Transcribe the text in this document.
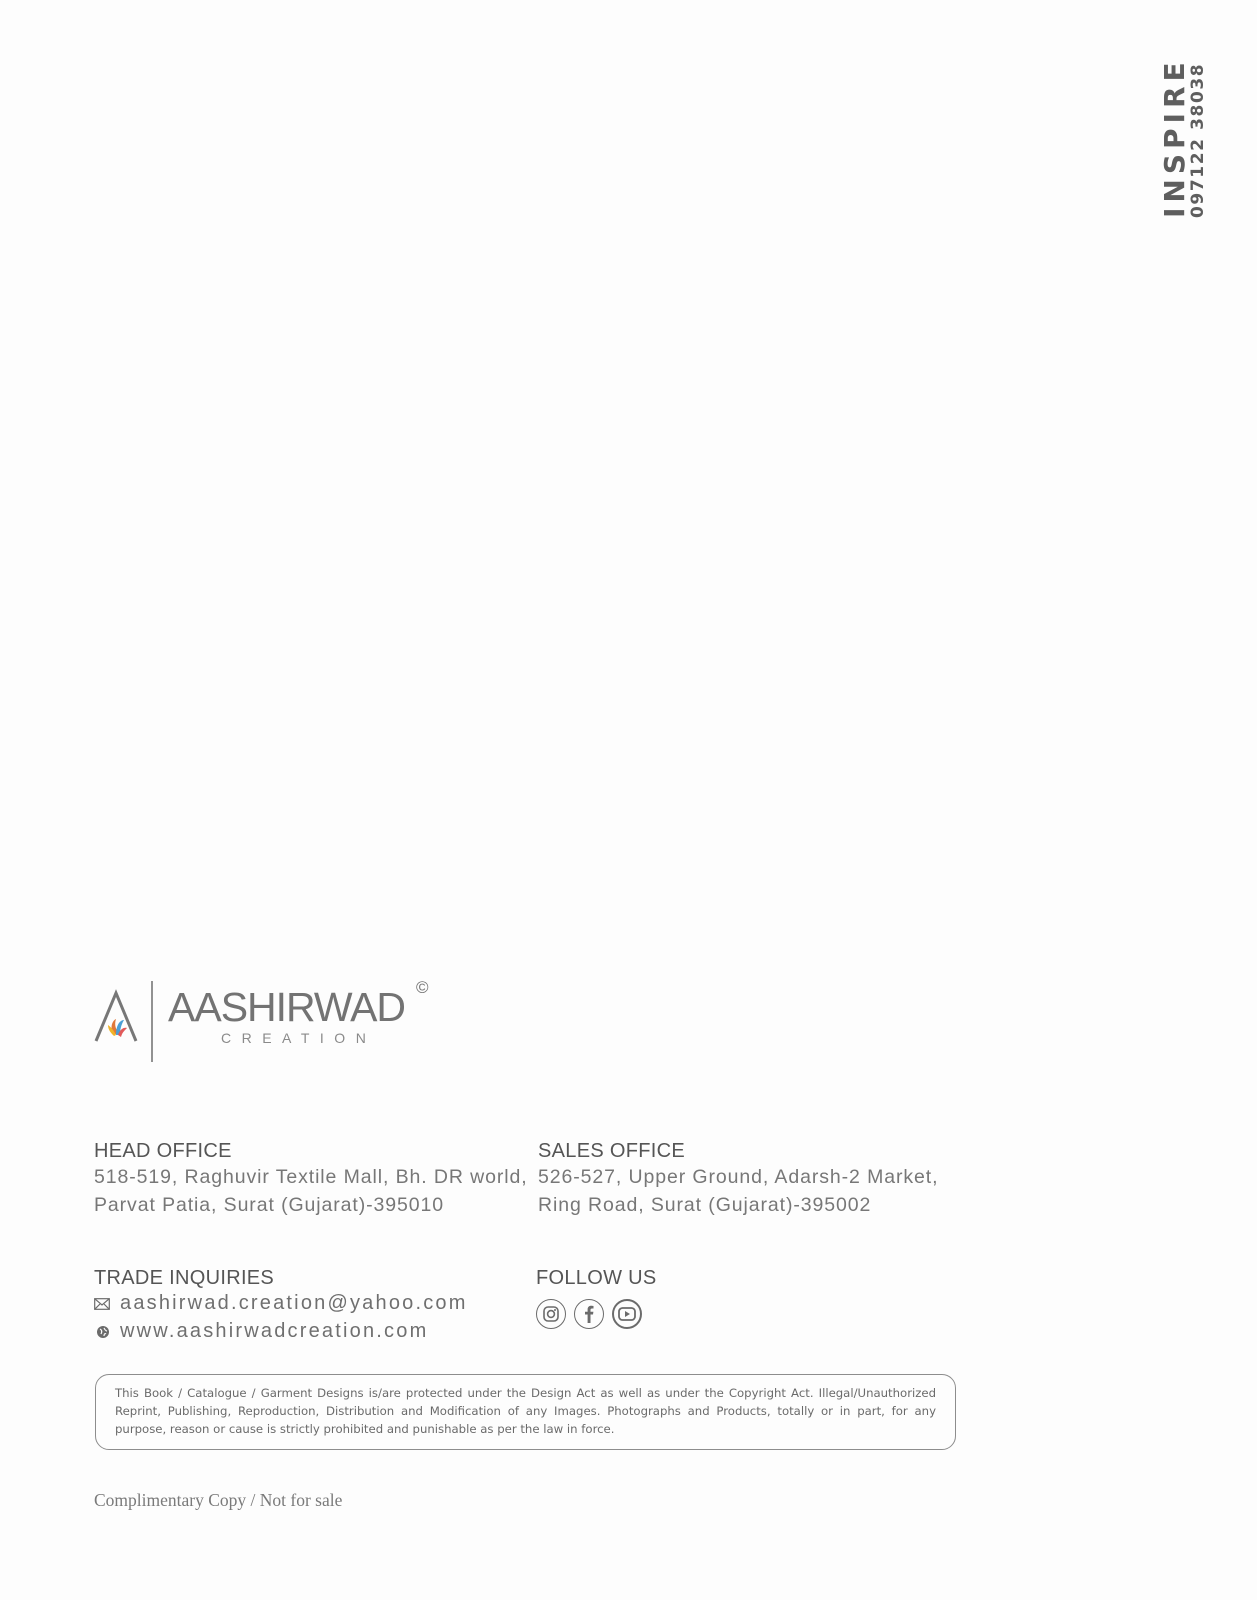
INSPIRE
097122 38038
AASHIRWAD ©
CREATION
HEAD OFFICE
518-519, Raghuvir Textile Mall, Bh. DR world,
Parvat Patia, Surat (Gujarat)-395010
SALES OFFICE
526-527, Upper Ground, Adarsh-2 Market,
Ring Road, Surat (Gujarat)-395002
TRADE INQUIRIES
aashirwad.creation@yahoo.com
www.aashirwadcreation.com
FOLLOW US
This Book / Catalogue / Garment Designs is/are protected under the Design Act as well as under the Copyright Act. Illegal/Unauthorized Reprint, Publishing, Reproduction, Distribution and Modification of any Images. Photographs and Products, totally or in part, for any purpose, reason or cause is strictly prohibited and punishable as per the law in force.
Complimentary Copy / Not for sale
